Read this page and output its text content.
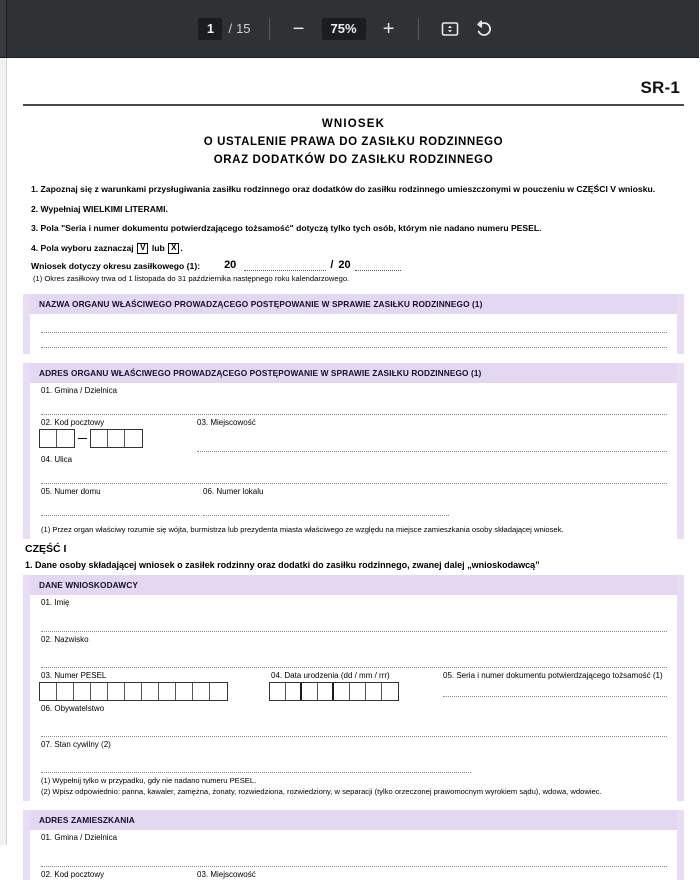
1	/ 15	−	75%	+
SR-1
WNIOSEK
O USTALENIE PRAWA DO ZASIŁKU RODZINNEGO
ORAZ DODATKÓW DO ZASIŁKU RODZINNEGO
1. Zapoznaj się z warunkami przysługiwania zasiłku rodzinnego oraz dodatków do zasiłku rodzinnego umieszczonymi w pouczeniu w CZĘŚCI V wniosku.
2. Wypełniaj WIELKIMI LITERAMI.
3. Pola "Seria i numer dokumentu potwierdzającego tożsamość" dotyczą tylko tych osób, którym nie nadano numeru PESEL.
4. Pola wyboru zaznaczaj V lub X .
Wniosek dotyczy okresu zasiłkowego (1): 20	/ 20
(1) Okres zasiłkowy trwa od 1 listopada do 31 października następnego roku kalendarzowego.
NAZWA ORGANU WŁAŚCIWEGO PROWADZĄCEGO POSTĘPOWANIE W SPRAWIE ZASIŁKU RODZINNEGO (1)
ADRES ORGANU WŁAŚCIWEGO PROWADZĄCEGO POSTĘPOWANIE W SPRAWIE ZASIŁKU RODZINNEGO (1)
01. Gmina / Dzielnica
02. Kod pocztowy	03. Miejscowość
04. Ulica
05. Numer domu	06. Numer lokalu
(1) Przez organ właściwy rozumie się wójta, burmistrza lub prezydenta miasta właściwego ze względu na miejsce zamieszkania osoby składającej wniosek.
CZĘŚĆ I
1. Dane osoby składającej wniosek o zasiłek rodzinny oraz dodatki do zasiłku rodzinnego, zwanej dalej „wnioskodawcą”
DANE WNIOSKODAWCY
01. Imię
02. Nazwisko
03. Numer PESEL	04. Data urodzenia (dd / mm / rrr)	05. Seria i numer dokumentu potwierdzającego tożsamość (1)
06. Obywatelstwo
07. Stan cywilny (2)
(1) Wypełnij tylko w przypadku, gdy nie nadano numeru PESEL.
(2) Wpisz odpowiednio: panna, kawaler, zamężna, żonaty, rozwiedziona, rozwiedziony, w separacji (tylko orzeczonej prawomocnym wyrokiem sądu), wdowa, wdowiec.
ADRES ZAMIESZKANIA
01. Gmina / Dzielnica
02. Kod pocztowy	03. Miejscowość
